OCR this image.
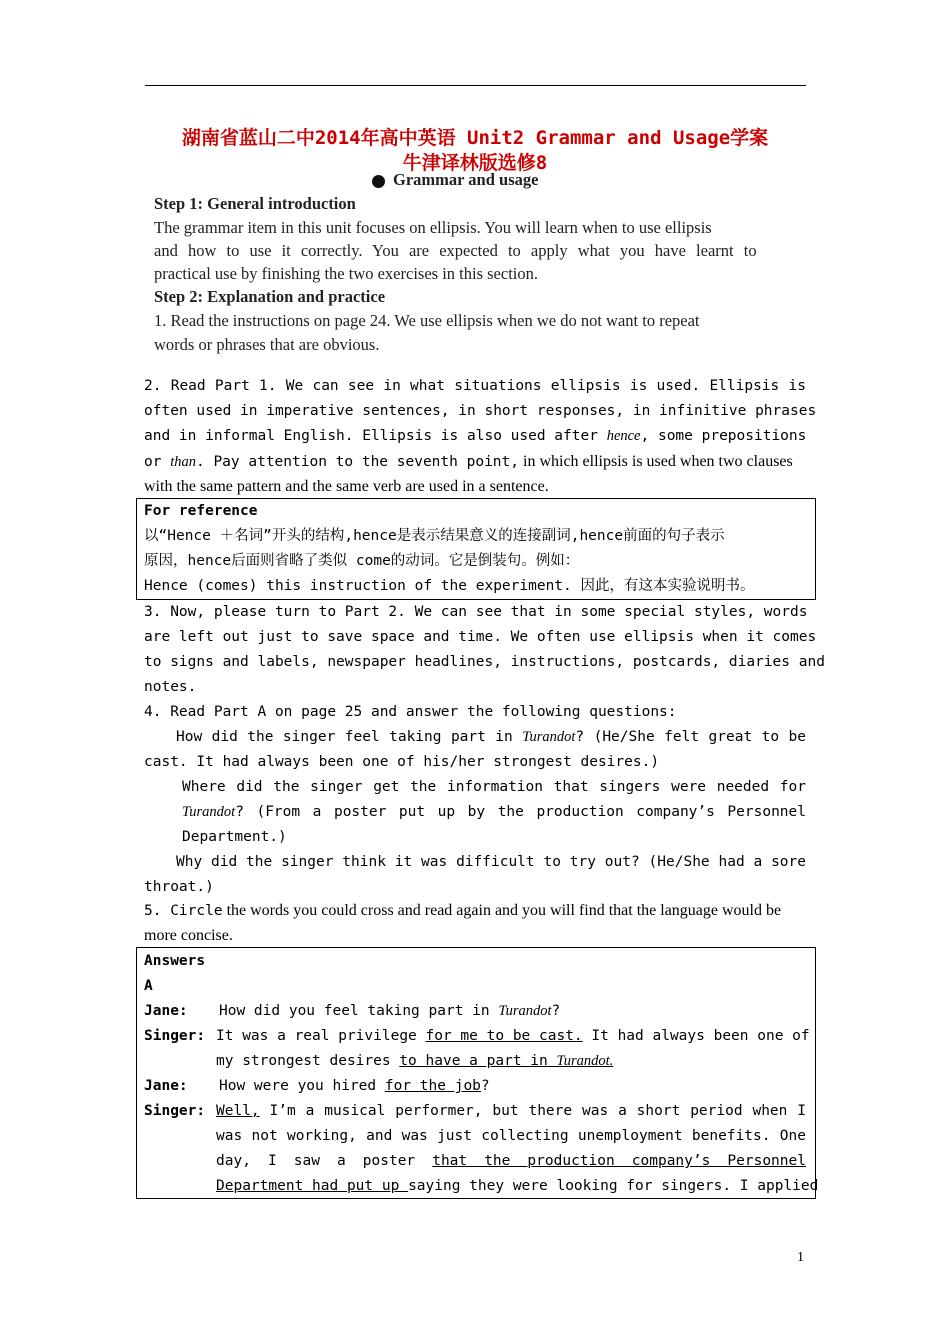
湖南省蓝山二中2014年高中英语 Unit2 Grammar and Usage学案
牛津译林版选修8
Grammar and usage
Step 1: General introduction
The grammar item in this unit focuses on ellipsis. You will learn when to use ellipsis
and how to use it correctly. You are expected to apply what you have learnt to
practical use by finishing the two exercises in this section.
Step 2: Explanation and practice
1. Read the instructions on page 24. We use ellipsis when we do not want to repeat
words or phrases that are obvious.
2. Read Part 1. We can see in what situations ellipsis is used. Ellipsis is
often used in imperative sentences, in short responses, in infinitive phrases
and in informal English. Ellipsis is also used after hence, some prepositions
or than. Pay attention to the seventh point, in which ellipsis is used when two clauses
with the same pattern and the same verb are used in a sentence.
For reference
以“Hence ＋名词”开头的结构,hence是表示结果意义的连接副词,hence前面的句子表示
原因，hence后面则省略了类似 come的动词。它是倒装句。例如：
Hence (comes) this instruction of the experiment. 因此，有这本实验说明书。
3. Now, please turn to Part 2. We can see that in some special styles, words
are left out just to save space and time. We often use ellipsis when it comes
to signs and labels, newspaper headlines, instructions, postcards, diaries and
notes.
4. Read Part A on page 25 and answer the following questions:
How did the singer feel taking part in Turandot? (He/She felt great to be
cast. It had always been one of his/her strongest desires.)
Where did the singer get the information that singers were needed for
Turandot? (From a poster put up by the production company’s Personnel
Department.)
Why did the singer think it was difficult to try out? (He/She had a sore
throat.)
5. Circle the words you could cross and read again and you will find that the language would be
more concise.
Answers
A
Jane: How did you feel taking part in Turandot?
Singer: It was a real privilege for me to be cast. It had always been one of
my strongest desires to have a part in Turandot.
Jane: How were you hired for the job?
Singer: Well, I’m a musical performer, but there was a short period when I
was not working, and was just collecting unemployment benefits. One
day, I saw a poster that the production company’s Personnel
Department had put up saying they were looking for singers. I applied
1
